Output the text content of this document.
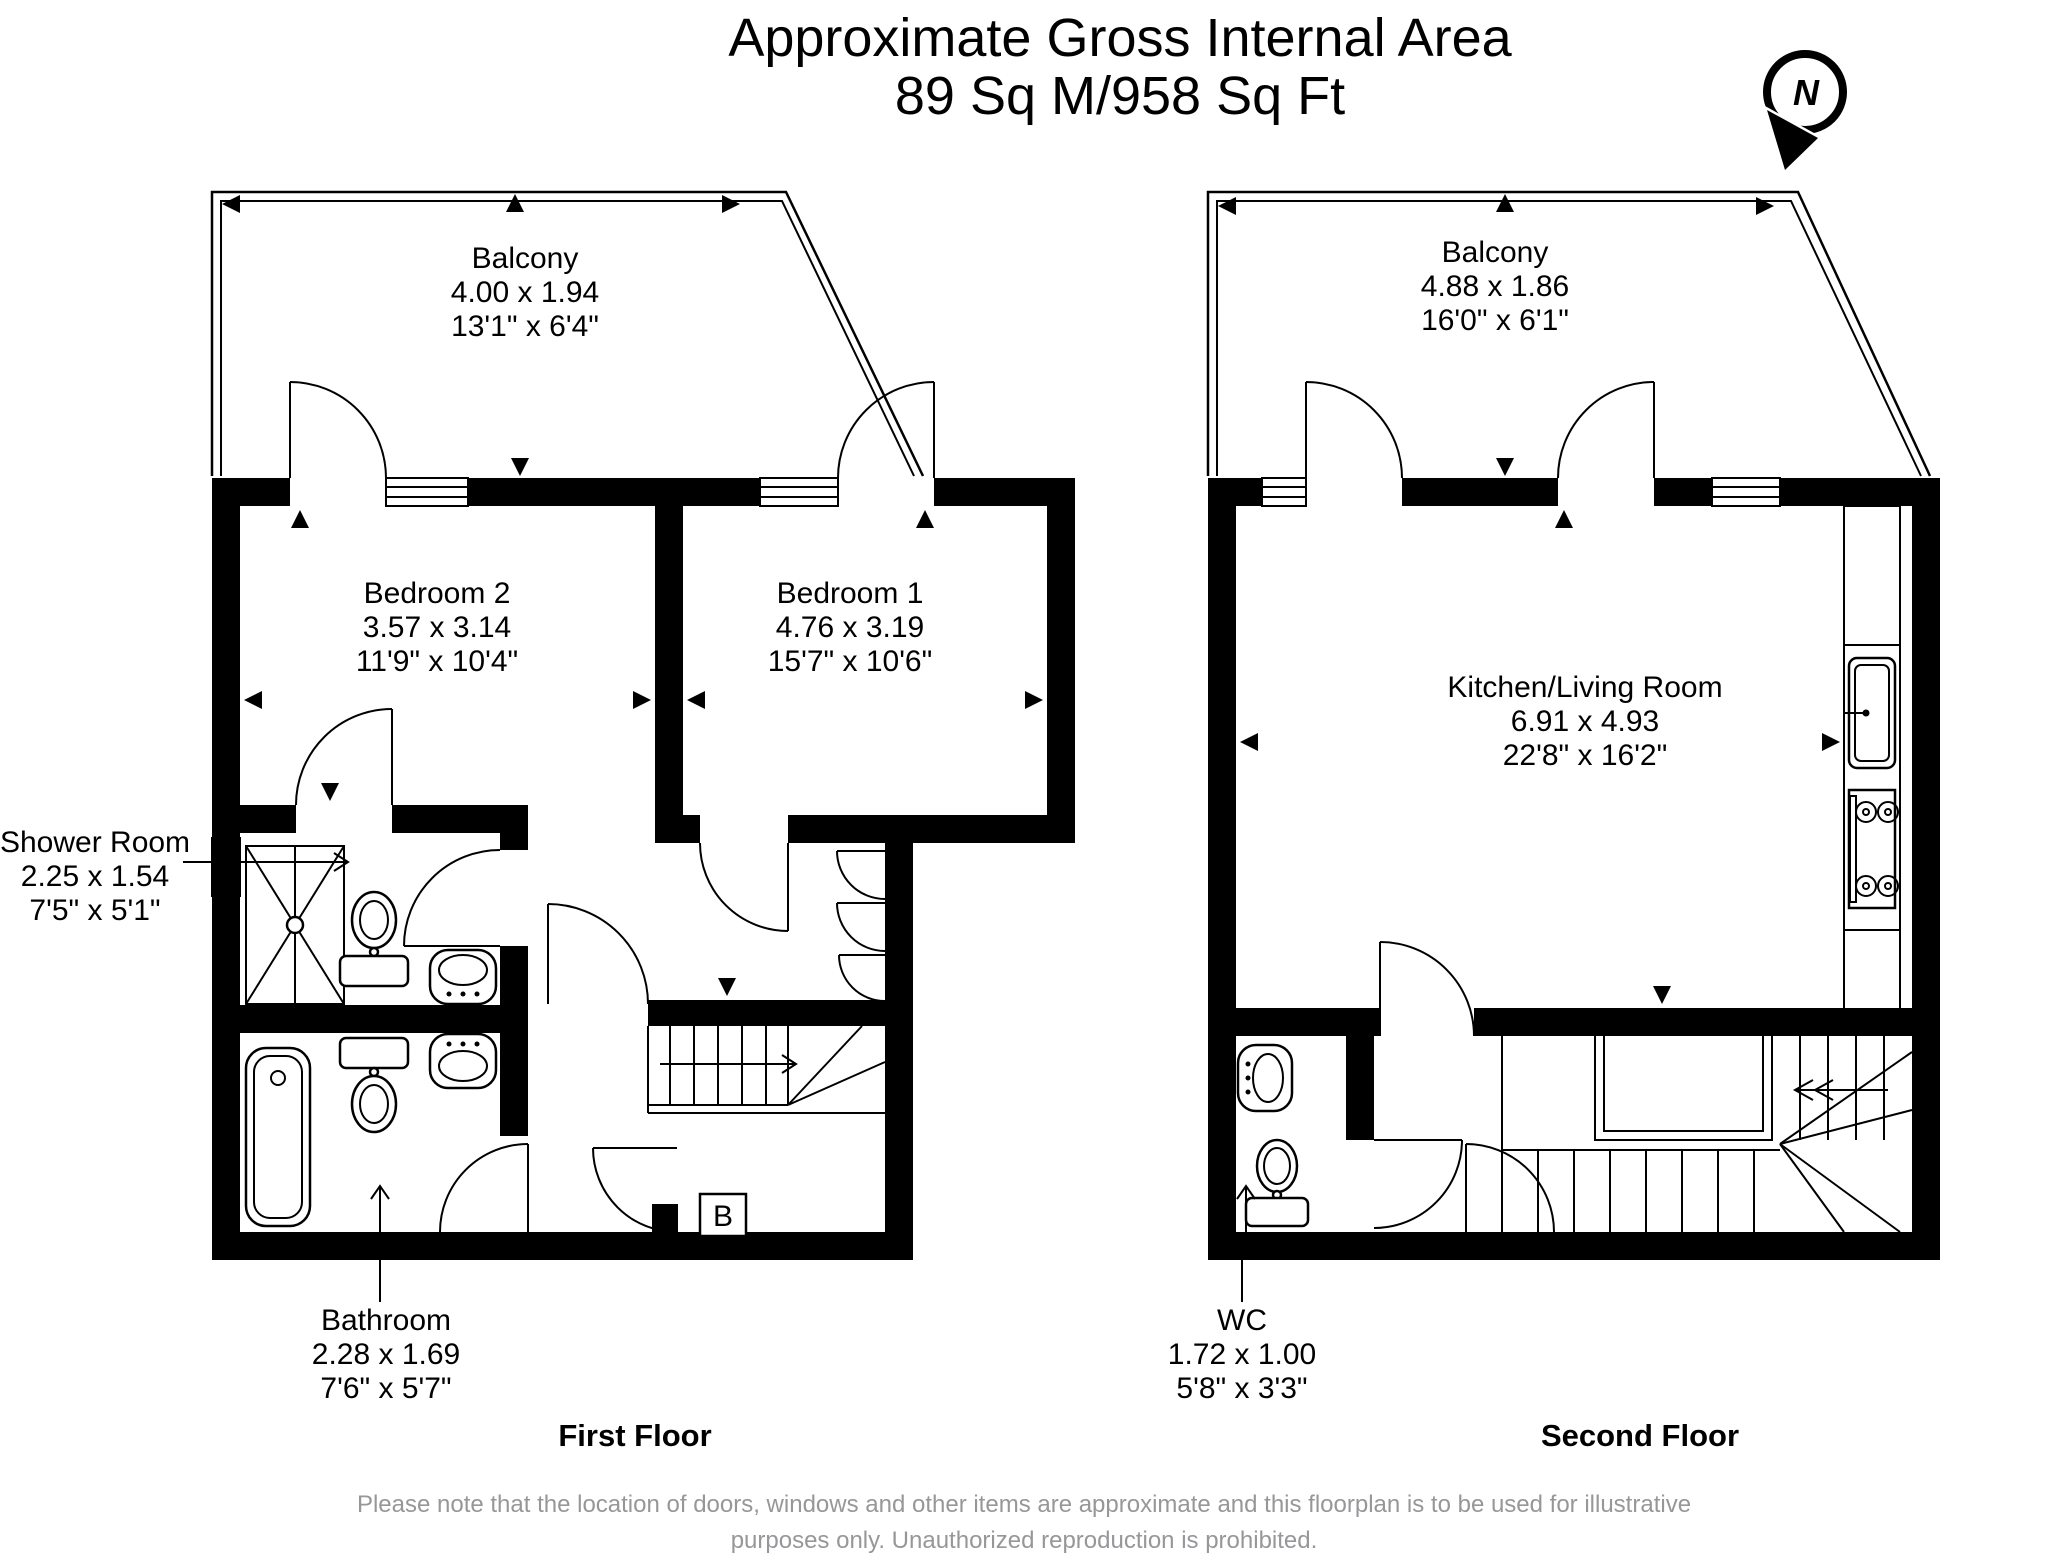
Approximate Gross Internal Area
89 Sq M/958 Sq Ft	N
B
Balcony
4.00 x 1.94
13'1" x 6'4"
Bedroom 2
3.57 x 3.14
11'9" x 10'4"
Bedroom 1
4.76 x 3.19
15'7" x 10'6"
Shower Room
2.25 x 1.54
7'5" x 5'1"
Bathroom
2.28 x 1.69
7'6" x 5'7"
First Floor
Balcony
4.88 x 1.86
16'0" x 6'1"
Kitchen/Living Room
6.91 x 4.93
22'8" x 16'2"
WC
1.72 x 1.00
5'8" x 3'3"
Second Floor
Please note that the location of doors, windows and other items are approximate and this floorplan is to be used for illustrative
purposes only. Unauthorized reproduction is prohibited.
